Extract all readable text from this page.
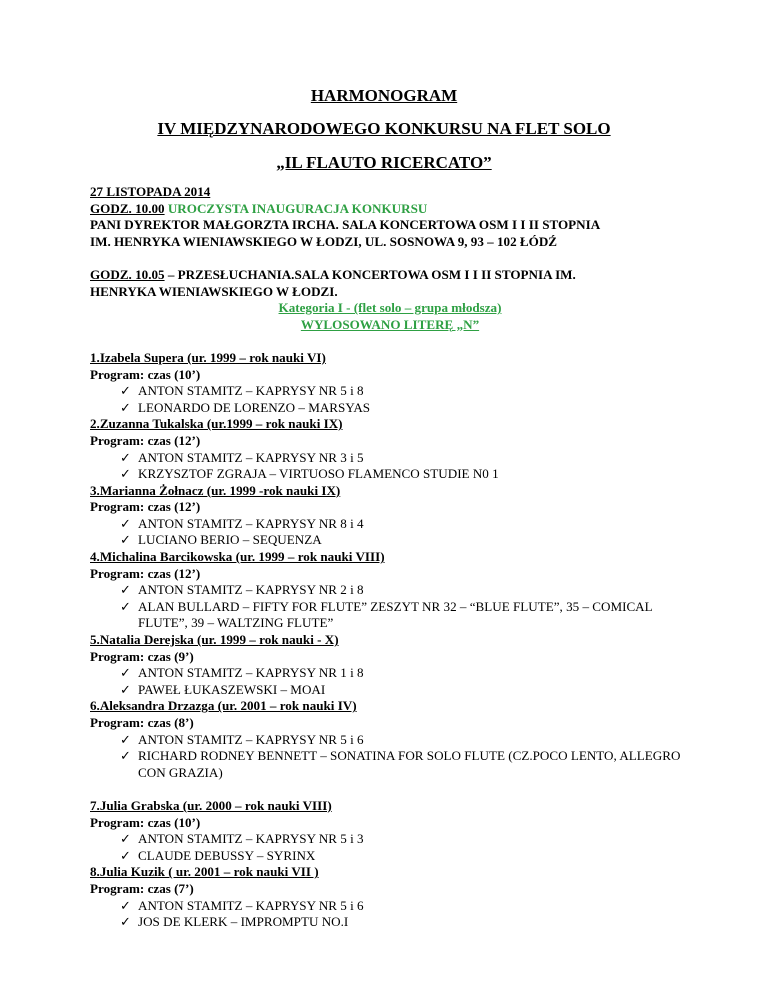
HARMONOGRAM
IV MIĘDZYNARODOWEGO KONKURSU NA FLET SOLO
„IL FLAUTO RICERCATO”
27 LISTOPADA 2014
GODZ. 10.00 UROCZYSTA INAUGURACJA KONKURSU
PANI DYREKTOR MAŁGORZTA IRCHA. SALA KONCERTOWA OSM I I II STOPNIA
IM. HENRYKA WIENIAWSKIEGO W ŁODZI, UL. SOSNOWA 9, 93 – 102 ŁÓDŹ
GODZ. 10.05 – PRZESŁUCHANIA.SALA KONCERTOWA OSM I I II STOPNIA IM.
HENRYKA WIENIAWSKIEGO W ŁODZI.
Kategoria I - (flet solo – grupa młodsza)
WYLOSOWANO LITERĘ „N”
1.Izabela Supera (ur. 1999 – rok nauki VI)
Program: czas (10’)
✓ ANTON STAMITZ – KAPRYSY NR 5 i 8
✓ LEONARDO DE LORENZO – MARSYAS
2.Zuzanna Tukalska (ur.1999 – rok nauki IX)
Program: czas (12’)
✓ ANTON STAMITZ – KAPRYSY NR 3 i 5
✓ KRZYSZTOF ZGRAJA – VIRTUOSO FLAMENCO STUDIE N0 1
3.Marianna Żołnacz (ur. 1999 -rok nauki IX)
Program: czas (12’)
✓ ANTON STAMITZ – KAPRYSY NR 8 i 4
✓ LUCIANO BERIO – SEQUENZA
4.Michalina Barcikowska (ur. 1999 – rok nauki VIII)
Program: czas (12’)
✓ ANTON STAMITZ – KAPRYSY NR 2 i 8
✓ ALAN BULLARD – FIFTY FOR FLUTE” ZESZYT NR 32 – “BLUE FLUTE”, 35 – COMICAL FLUTE”, 39 – WALTZING FLUTE”
5.Natalia Derejska (ur. 1999 – rok nauki - X)
Program: czas (9’)
✓ ANTON STAMITZ – KAPRYSY NR 1 i 8
✓ PAWEŁ ŁUKASZEWSKI – MOAI
6.Aleksandra Drzazga (ur. 2001 – rok nauki IV)
Program: czas (8’)
✓ ANTON STAMITZ – KAPRYSY NR 5 i 6
✓ RICHARD RODNEY BENNETT – SONATINA FOR SOLO FLUTE (CZ.POCO LENTO, ALLEGRO CON GRAZIA)
7.Julia Grabska (ur. 2000 – rok nauki VIII)
Program: czas (10’)
✓ ANTON STAMITZ – KAPRYSY NR 5 i 3
✓ CLAUDE DEBUSSY – SYRINX
8.Julia Kuzik ( ur. 2001 – rok nauki VII )
Program: czas (7’)
✓ ANTON STAMITZ – KAPRYSY NR 5 i 6
✓ JOS DE KLERK – IMPROMPTU NO.I
